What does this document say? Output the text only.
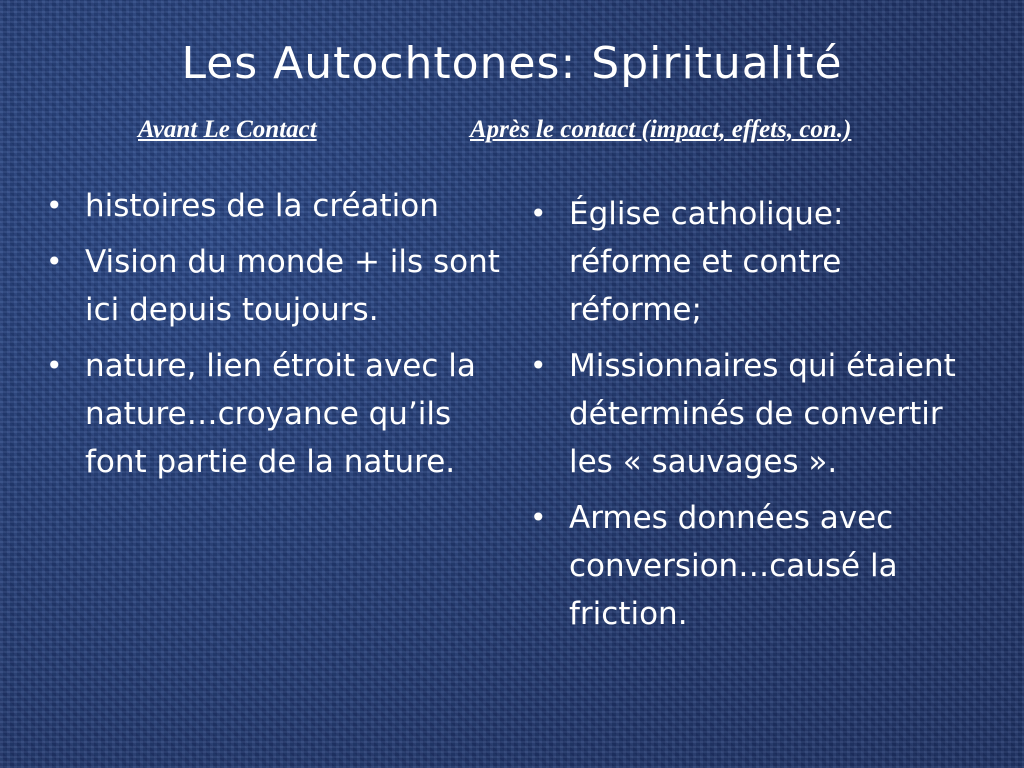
Les Autochtones: Spiritualité
Avant Le Contact	Après le contact (impact, effets, con.)
• histoires de la création
• Vision du monde + ils sont ici depuis toujours.
• nature, lien étroit avec la nature…croyance qu’ils font partie de la nature.
• Église catholique: réforme et contre réforme;
• Missionnaires qui étaient déterminés de convertir les « sauvages ».
• Armes données avec conversion…causé la friction.
